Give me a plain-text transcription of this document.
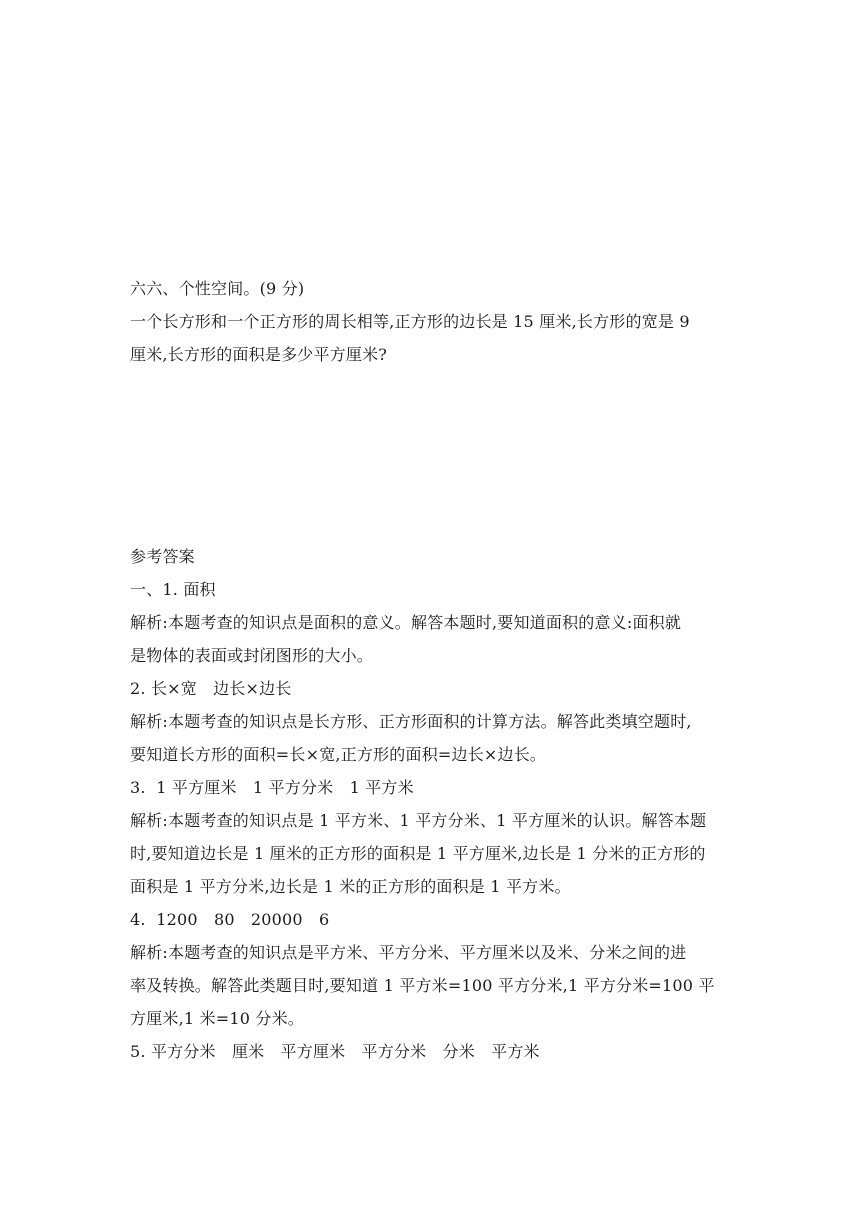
六六、个性空间。(9 分)
一个长方形和一个正方形的周长相等,正方形的边长是 15 厘米,长方形的宽是 9
厘米,长方形的面积是多少平方厘米?
参考答案
一、1. 面积
解析:本题考查的知识点是面积的意义。解答本题时,要知道面积的意义:面积就
是物体的表面或封闭图形的大小。
2. 长×宽　边长×边长
解析:本题考查的知识点是长方形、正方形面积的计算方法。解答此类填空题时,
要知道长方形的面积=长×宽,正方形的面积=边长×边长。
3.  1 平方厘米　1 平方分米　1 平方米
解析:本题考查的知识点是 1 平方米、1 平方分米、1 平方厘米的认识。解答本题
时,要知道边长是 1 厘米的正方形的面积是 1 平方厘米,边长是 1 分米的正方形的
面积是 1 平方分米,边长是 1 米的正方形的面积是 1 平方米。
4.  1200　80　20000　6
解析:本题考查的知识点是平方米、平方分米、平方厘米以及米、分米之间的进
率及转换。解答此类题目时,要知道 1 平方米=100 平方分米,1 平方分米=100 平
方厘米,1 米=10 分米。
5. 平方分米　厘米　平方厘米　平方分米　分米　平方米
